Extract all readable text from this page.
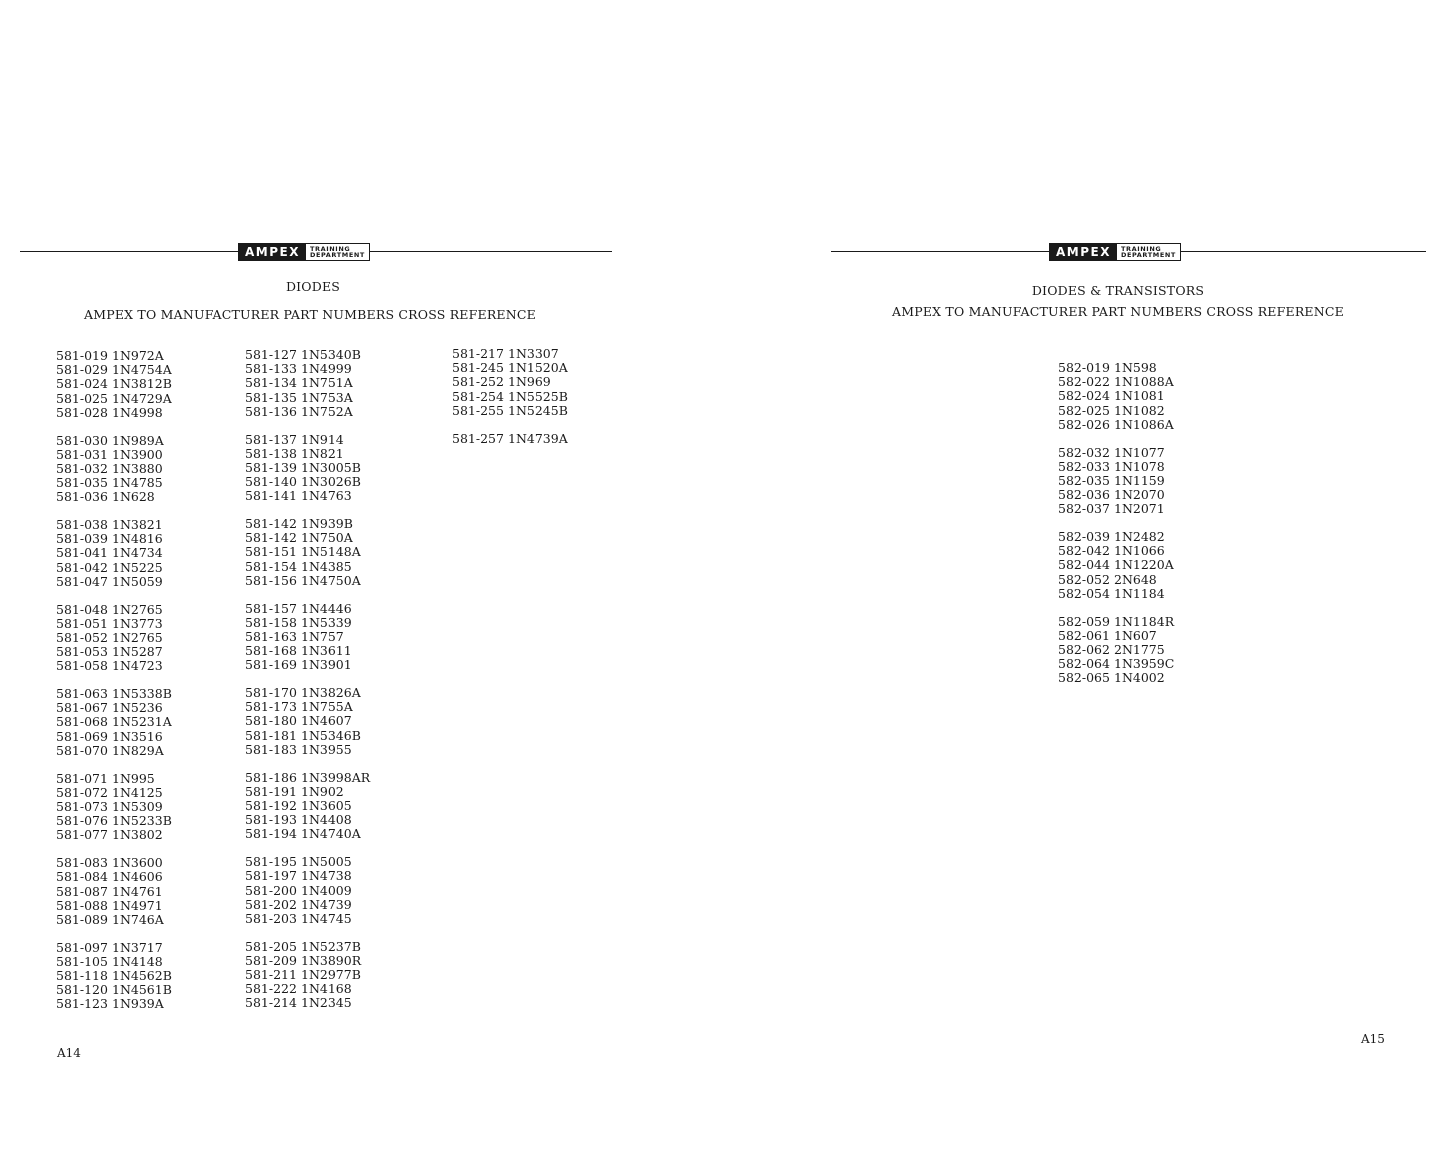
AMPEX	TRAINING
DEPARTMENT
DIODES
AMPEX TO MANUFACTURER PART NUMBERS CROSS REFERENCE
581-019 1N972A
581-029 1N4754A
581-024 1N3812B
581-025 1N4729A
581-028 1N4998
581-030 1N989A
581-031 1N3900
581-032 1N3880
581-035 1N4785
581-036 1N628
581-038 1N3821
581-039 1N4816
581-041 1N4734
581-042 1N5225
581-047 1N5059
581-048 1N2765
581-051 1N3773
581-052 1N2765
581-053 1N5287
581-058 1N4723
581-063 1N5338B
581-067 1N5236
581-068 1N5231A
581-069 1N3516
581-070 1N829A
581-071 1N995
581-072 1N4125
581-073 1N5309
581-076 1N5233B
581-077 1N3802
581-083 1N3600
581-084 1N4606
581-087 1N4761
581-088 1N4971
581-089 1N746A
581-097 1N3717
581-105 1N4148
581-118 1N4562B
581-120 1N4561B
581-123 1N939A
581-127 1N5340B
581-133 1N4999
581-134 1N751A
581-135 1N753A
581-136 1N752A
581-137 1N914
581-138 1N821
581-139 1N3005B
581-140 1N3026B
581-141 1N4763
581-142 1N939B
581-142 1N750A
581-151 1N5148A
581-154 1N4385
581-156 1N4750A
581-157 1N4446
581-158 1N5339
581-163 1N757
581-168 1N3611
581-169 1N3901
581-170 1N3826A
581-173 1N755A
581-180 1N4607
581-181 1N5346B
581-183 1N3955
581-186 1N3998AR
581-191 1N902
581-192 1N3605
581-193 1N4408
581-194 1N4740A
581-195 1N5005
581-197 1N4738
581-200 1N4009
581-202 1N4739
581-203 1N4745
581-205 1N5237B
581-209 1N3890R
581-211 1N2977B
581-222 1N4168
581-214 1N2345
581-217 1N3307
581-245 1N1520A
581-252 1N969
581-254 1N5525B
581-255 1N5245B
581-257 1N4739A
A14
AMPEX	TRAINING
DEPARTMENT
DIODES & TRANSISTORS
AMPEX TO MANUFACTURER PART NUMBERS CROSS REFERENCE
582-019 1N598
582-022 1N1088A
582-024 1N1081
582-025 1N1082
582-026 1N1086A
582-032 1N1077
582-033 1N1078
582-035 1N1159
582-036 1N2070
582-037 1N2071
582-039 1N2482
582-042 1N1066
582-044 1N1220A
582-052 2N648
582-054 1N1184
582-059 1N1184R
582-061 1N607
582-062 2N1775
582-064 1N3959C
582-065 1N4002
A15
